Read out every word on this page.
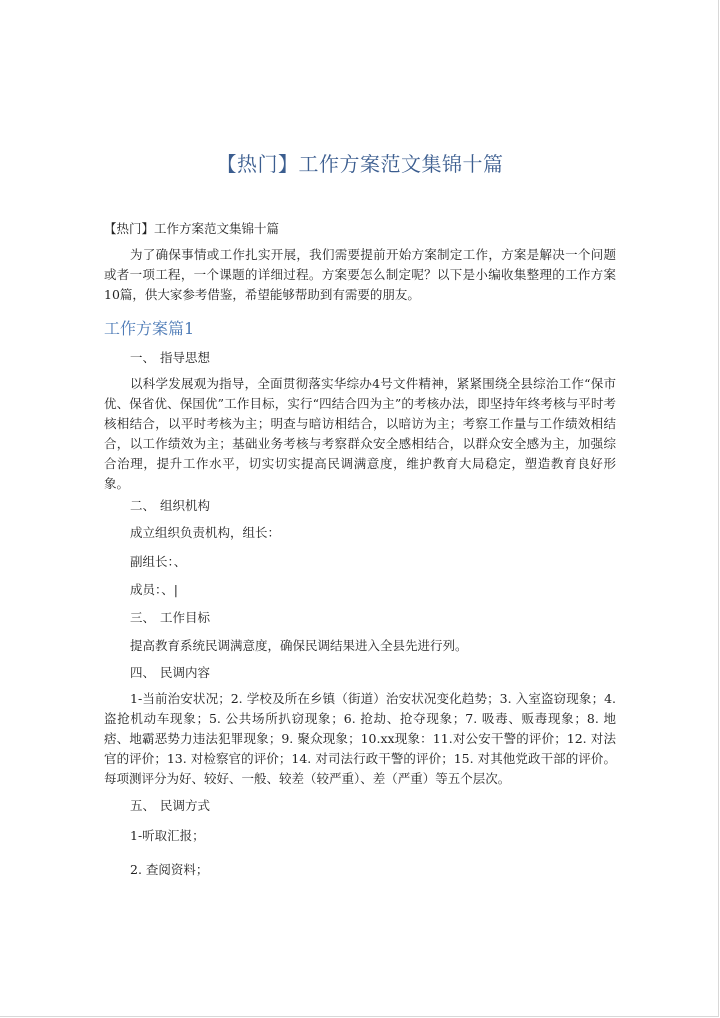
【热门】工作方案范文集锦十篇
【热门】工作方案范文集锦十篇

为了确保事情或工作扎实开展，我们需要提前开始方案制定工作，方案是解决一个问题或者一项工程，一个课题的详细过程。方案要怎么制定呢？以下是小编收集整理的工作方案10篇，供大家参考借鉴，希望能够帮助到有需要的朋友。

工作方案篇1
一、 指导思想

以科学发展观为指导，全面贯彻落实华综办4号文件精神，紧紧围绕全县综治工作“保市优、保省优、保国优”工作目标，实行“四结合四为主”的考核办法，即坚持年终考核与平时考核相结合，以平时考核为主；明查与暗访相结合，以暗访为主；考察工作量与工作绩效相结合，以工作绩效为主；基础业务考核与考察群众安全感相结合，以群众安全感为主，加强综合治理，提升工作水平，切实切实提高民调满意度，维护教育大局稳定，塑造教育良好形象。

二、 组织机构
成立组织负责机构，组长：
副组长：、
成员：、|
三、 工作目标
提高教育系统民调满意度，确保民调结果进入全县先进行列。
四、 民调内容

1-当前治安状况；2. 学校及所在乡镇（街道）治安状况变化趋势；3. 入室盗窃现象；4. 盗抢机动车现象；5. 公共场所扒窃现象；6. 抢劫、抢夺现象；7. 吸毒、贩毒现象；8. 地痞、地霸恶势力违法犯罪现象；9. 聚众现象；10.xx现象：11.对公安干警的评价；12. 对法官的评价；13. 对检察官的评价；14. 对司法行政干警的评价；15. 对其他党政干部的评价。每项测评分为好、较好、一般、较差（较严重）、差（严重）等五个层次。

五、 民调方式
1-听取汇报；
2. 查阅资料；
